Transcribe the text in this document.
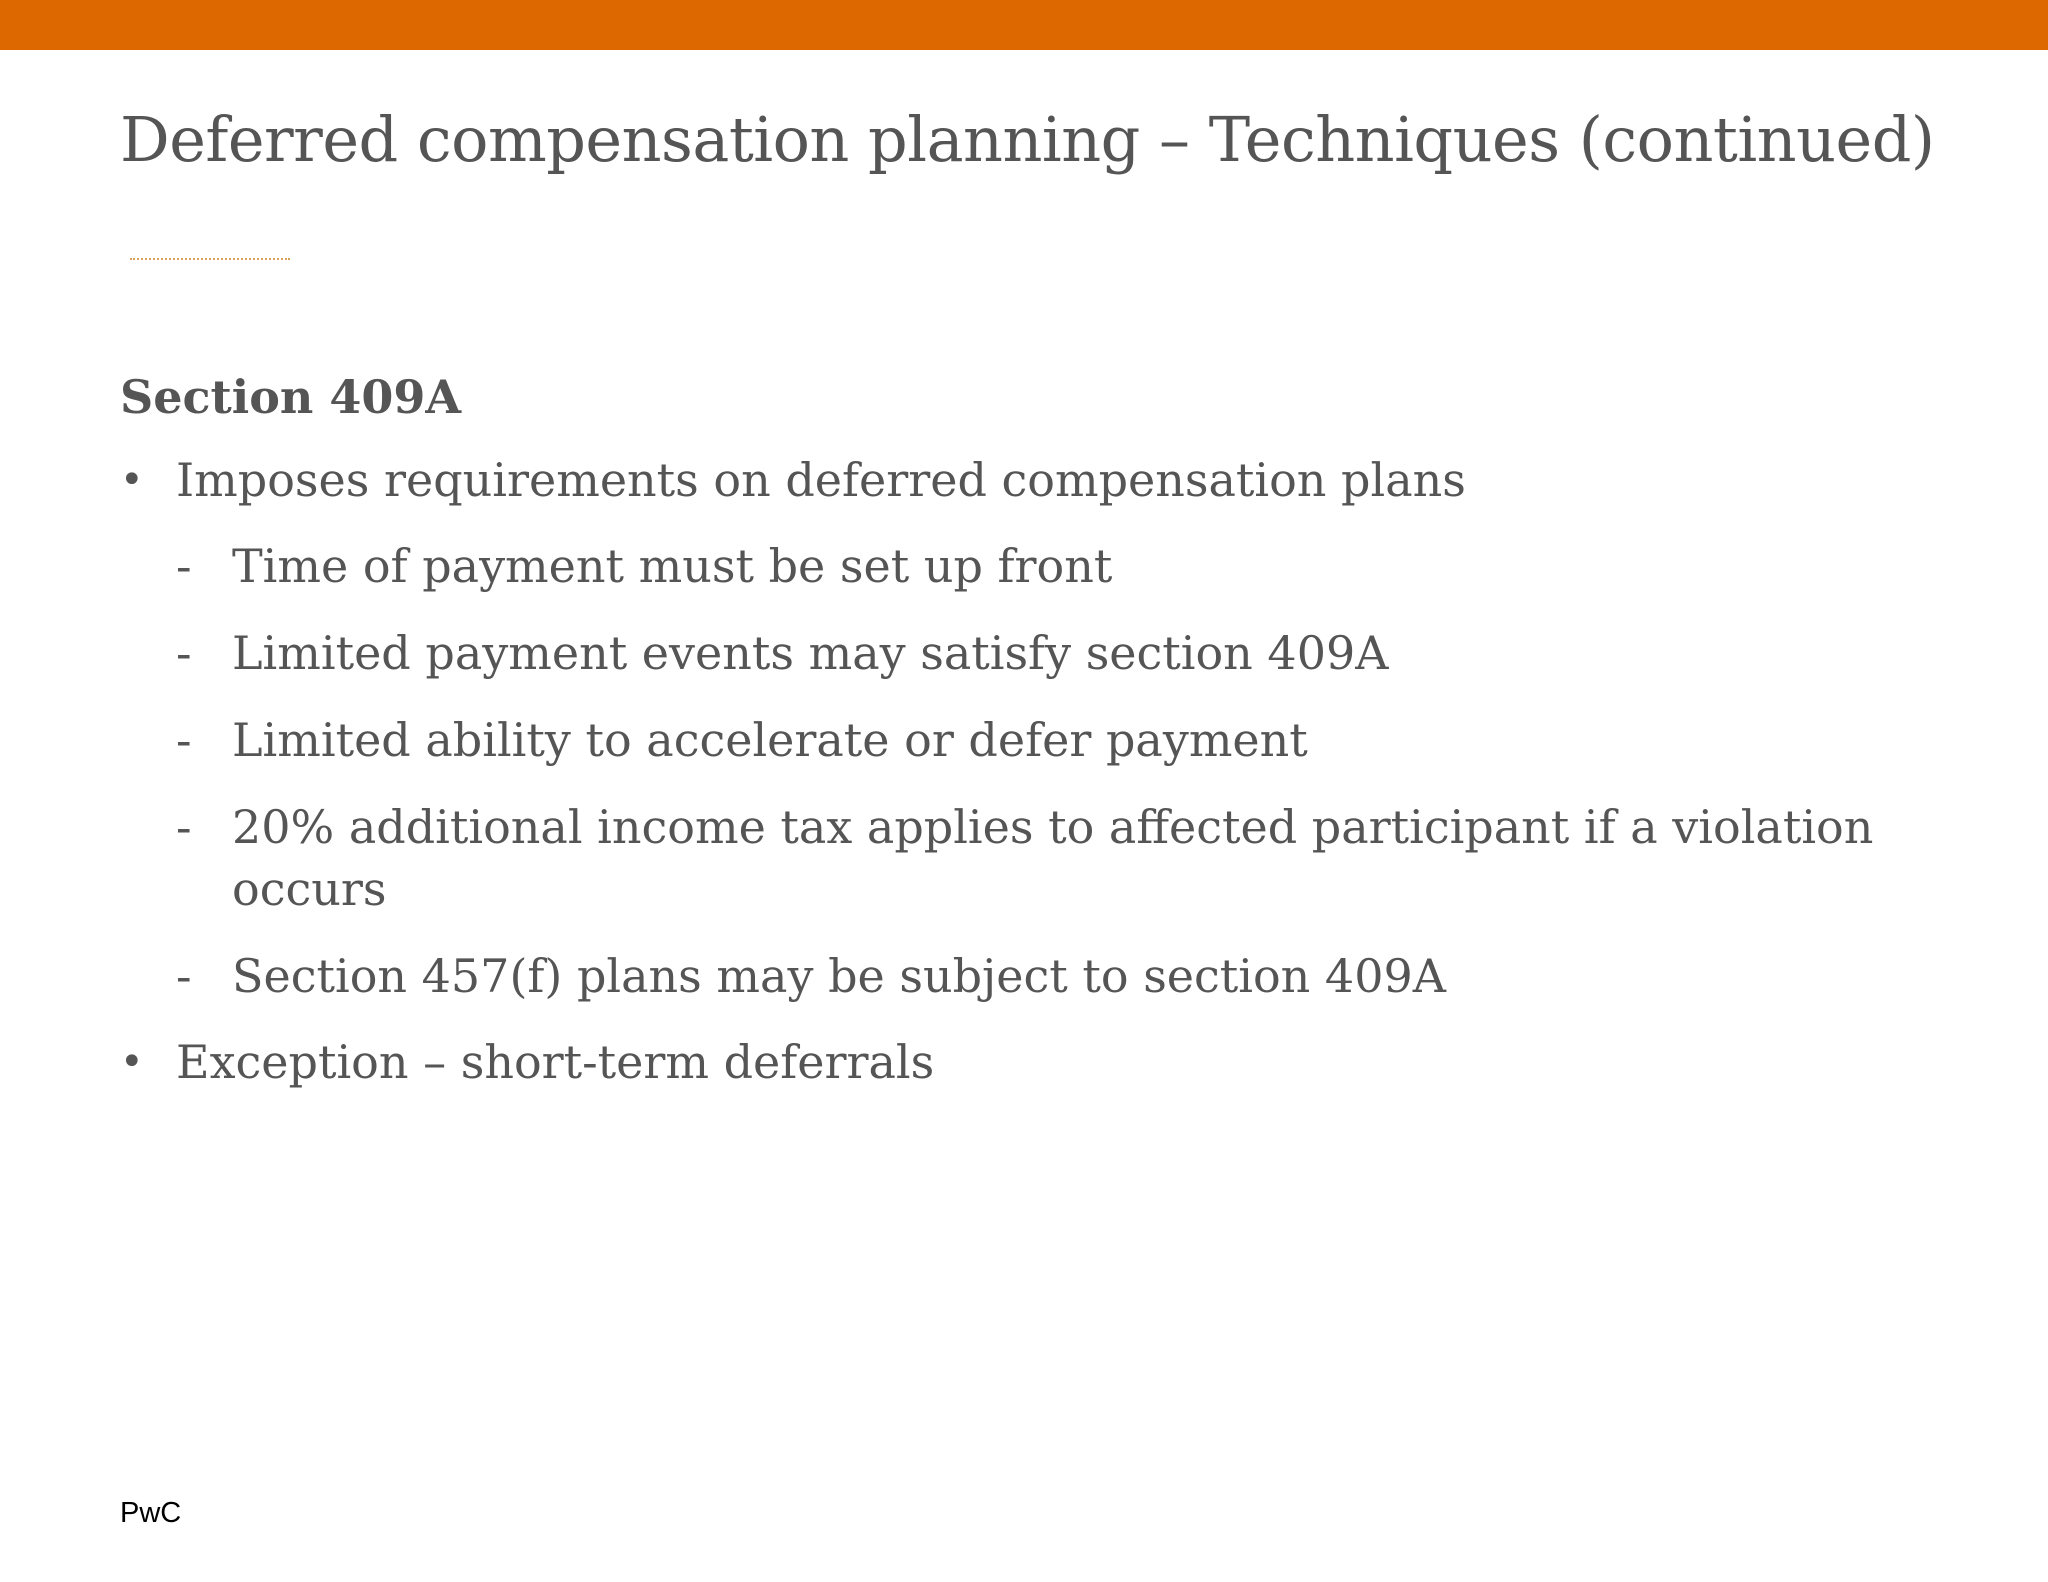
Deferred compensation planning – Techniques (continued)
Section 409A
• Imposes requirements on deferred compensation plans
- Time of payment must be set up front
- Limited payment events may satisfy section 409A
- Limited ability to accelerate or defer payment
- 20% additional income tax applies to affected participant if a violation occurs
- Section 457(f) plans may be subject to section 409A
• Exception – short-term deferrals
PwC
